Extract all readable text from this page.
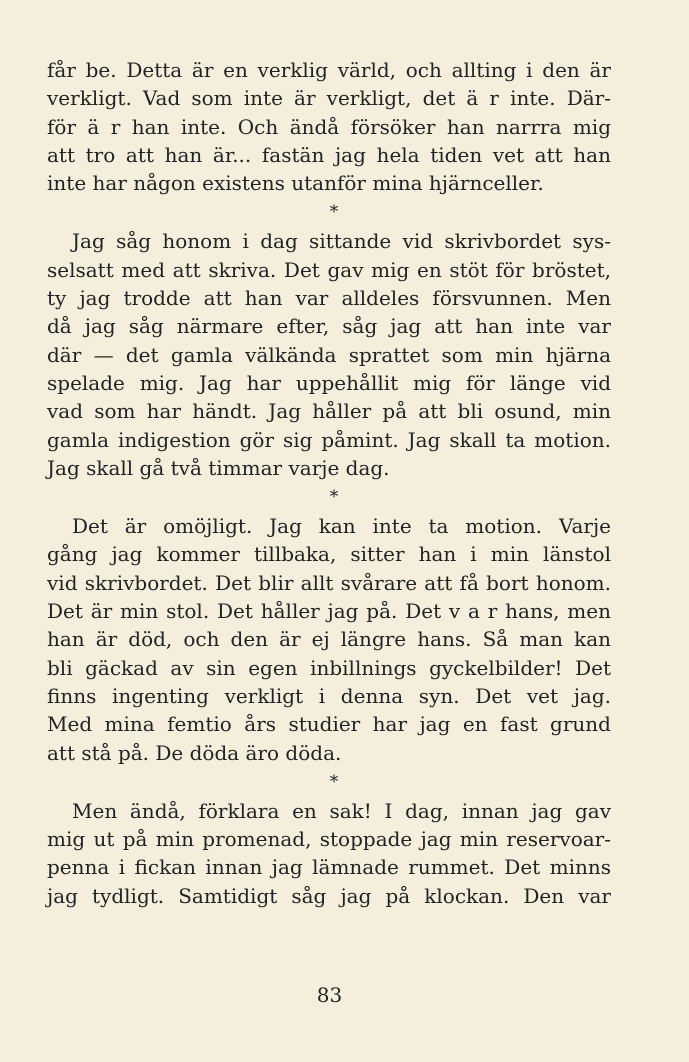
får be. Detta är en verklig värld, och allting i den är
verkligt. Vad som inte är verkligt, det ä r inte. Där-
för ä r han inte. Och ändå försöker han narrra mig
att tro att han är... fastän jag hela tiden vet att han
inte har någon existens utanför mina hjärnceller.

*

Jag såg honom i dag sittande vid skrivbordet sys-
selsatt med att skriva. Det gav mig en stöt för bröstet,
ty jag trodde att han var alldeles försvunnen. Men
då jag såg närmare efter, såg jag att han inte var
där — det gamla välkända sprattet som min hjärna
spelade mig. Jag har uppehållit mig för länge vid
vad som har händt. Jag håller på att bli osund, min
gamla indigestion gör sig påmint. Jag skall ta motion.
Jag skall gå två timmar varje dag.

*

Det är omöjligt. Jag kan inte ta motion. Varje
gång jag kommer tillbaka, sitter han i min länstol
vid skrivbordet. Det blir allt svårare att få bort honom.
Det är min stol. Det håller jag på. Det v a r hans, men
han är död, och den är ej längre hans. Så man kan
bli gäckad av sin egen inbillnings gyckelbilder! Det
finns ingenting verkligt i denna syn. Det vet jag.
Med mina femtio års studier har jag en fast grund
att stå på. De döda äro döda.

*

Men ändå, förklara en sak! I dag, innan jag gav
mig ut på min promenad, stoppade jag min reservoar-
penna i fickan innan jag lämnade rummet. Det minns
jag tydligt. Samtidigt såg jag på klockan. Den var

83
